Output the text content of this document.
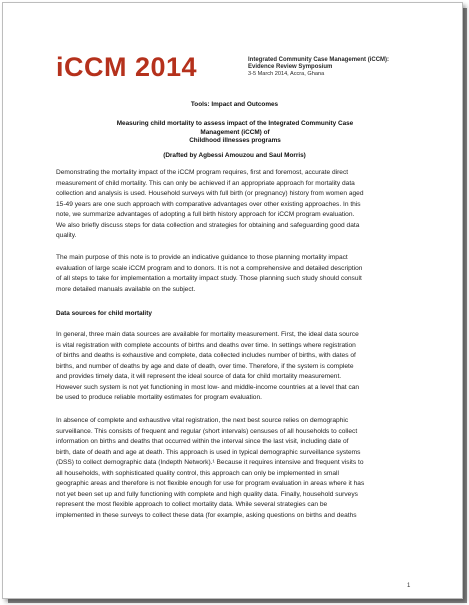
iCCM 2014	Integrated Community Case Management (iCCM):
Evidence Review Symposium
3-5 March 2014, Accra, Ghana
Tools: Impact and Outcomes
Measuring child mortality to assess impact of the Integrated Community Case Management (iCCM) of
Childhood illnesses programs
(Drafted by Agbessi Amouzou and Saul Morris)
Demonstrating the mortality impact of the iCCM program requires, first and foremost, accurate direct
measurement of child mortality. This can only be achieved if an appropriate approach for mortality data
collection and analysis is used. Household surveys with full birth (or pregnancy) history from women aged
15-49 years are one such approach with comparative advantages over other existing approaches. In this
note, we summarize advantages of adopting a full birth history approach for iCCM program evaluation.
We also briefly discuss steps for data collection and strategies for obtaining and safeguarding good data
quality.
The main purpose of this note is to provide an indicative guidance to those planning mortality impact
evaluation of large scale iCCM program and to donors. It is not a comprehensive and detailed description
of all steps to take for implementation a mortality impact study. Those planning such study should consult
more detailed manuals available on the subject.
Data sources for child mortality
In general, three main data sources are available for mortality measurement. First, the ideal data source
is vital registration with complete accounts of births and deaths over time. In settings where registration
of births and deaths is exhaustive and complete, data collected includes number of births, with dates of
births, and number of deaths by age and date of death, over time. Therefore, if the system is complete
and provides timely data, it will represent the ideal source of data for child mortality measurement.
However such system is not yet functioning in most low- and middle-income countries at a level that can
be used to produce reliable mortality estimates for program evaluation.
In absence of complete and exhaustive vital registration, the next best source relies on demographic
surveillance. This consists of frequent and regular (short intervals) censuses of all households to collect
information on births and deaths that occurred within the interval since the last visit, including date of
birth, date of death and age at death. This approach is used in typical demographic surveillance systems
(DSS) to collect demographic data (Indepth Network).¹ Because it requires intensive and frequent visits to
all households, with sophisticated quality control, this approach can only be implemented in small
geographic areas and therefore is not flexible enough for use for program evaluation in areas where it has
not yet been set up and fully functioning with complete and high quality data. Finally, household surveys
represent the most flexible approach to collect mortality data. While several strategies can be
implemented in these surveys to collect these data (for example, asking questions on births and deaths
1
